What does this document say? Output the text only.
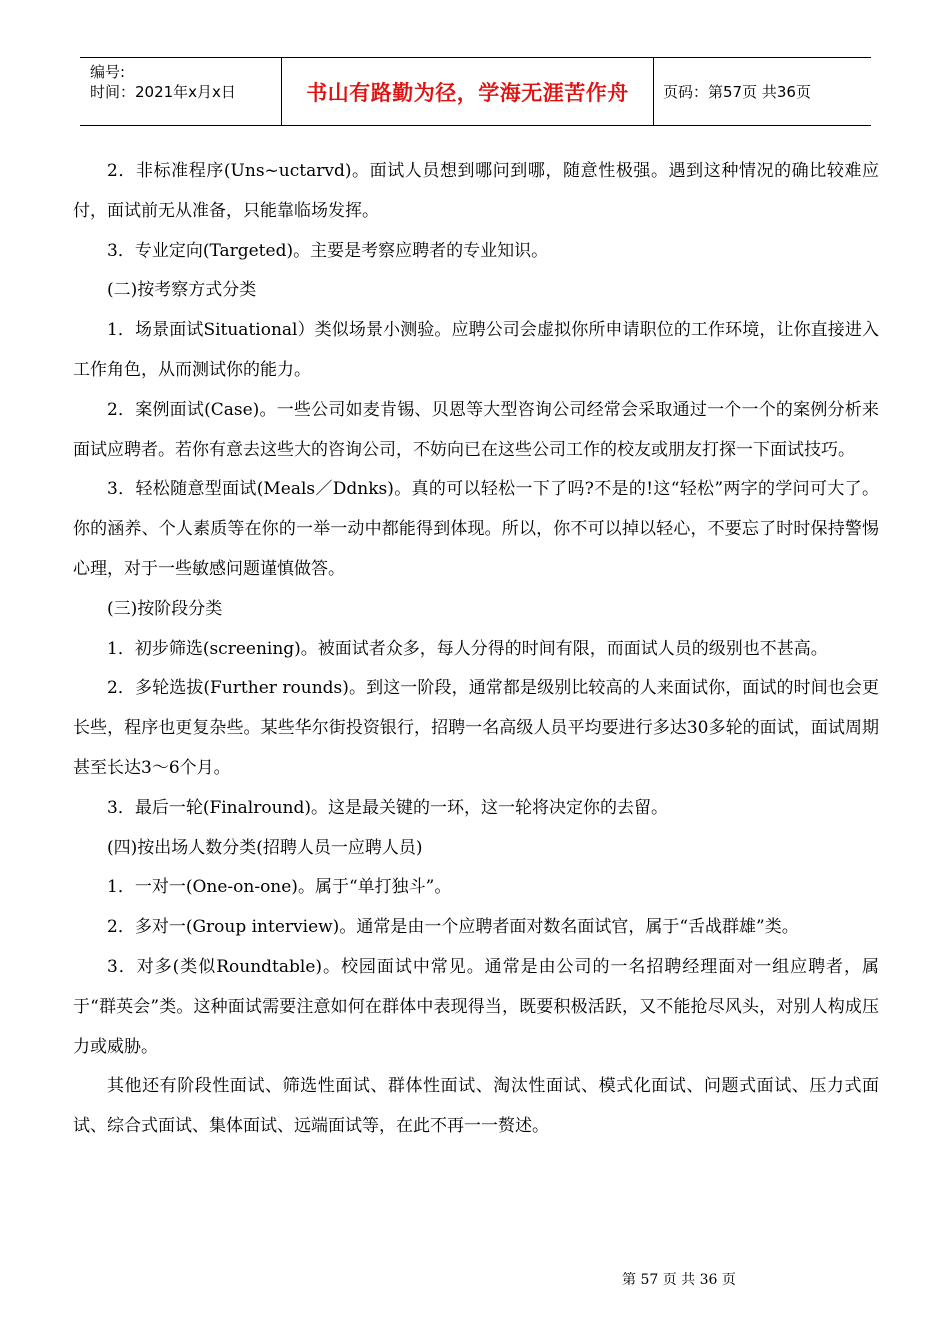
编号:
时间：2021年x月x日	书山有路勤为径，学海无涯苦作舟	页码：第57页 共36页

2．非标准程序(Uns~uctarvd)。面试人员想到哪问到哪，随意性极强。遇到这种情况的确比较难应付，面试前无从准备，只能靠临场发挥。

3．专业定向(Targeted)。主要是考察应聘者的专业知识。

(二)按考察方式分类

1．场景面试Situational）类似场景小测验。应聘公司会虚拟你所申请职位的工作环境，让你直接进入工作角色，从而测试你的能力。

2．案例面试(Case)。一些公司如麦肯锡、贝恩等大型咨询公司经常会采取通过一个一个的案例分析来面试应聘者。若你有意去这些大的咨询公司，不妨向已在这些公司工作的校友或朋友打探一下面试技巧。

3．轻松随意型面试(Meals／Ddnks)。真的可以轻松一下了吗?不是的!这“轻松”两字的学问可大了。你的涵养、个人素质等在你的一举一动中都能得到体现。所以，你不可以掉以轻心，不要忘了时时保持警惕心理，对于一些敏感问题谨慎做答。

(三)按阶段分类

1．初步筛选(screening)。被面试者众多，每人分得的时间有限，而面试人员的级别也不甚高。

2．多轮选拔(Further rounds)。到这一阶段，通常都是级别比较高的人来面试你，面试的时间也会更长些，程序也更复杂些。某些华尔街投资银行，招聘一名高级人员平均要进行多达30多轮的面试，面试周期甚至长达3～6个月。

3．最后一轮(Finalround)。这是最关键的一环，这一轮将决定你的去留。

(四)按出场人数分类(招聘人员一应聘人员)

1．一对一(One-on-one)。属于“单打独斗”。

2．多对一(Group interview)。通常是由一个应聘者面对数名面试官，属于“舌战群雄”类。

3．对多(类似Roundtable)。校园面试中常见。通常是由公司的一名招聘经理面对一组应聘者，属于“群英会”类。这种面试需要注意如何在群体中表现得当，既要积极活跃，又不能抢尽风头，对别人构成压力或威胁。

其他还有阶段性面试、筛选性面试、群体性面试、淘汰性面试、模式化面试、问题式面试、压力式面试、综合式面试、集体面试、远端面试等，在此不再一一赘述。

第 57 页 共 36 页
